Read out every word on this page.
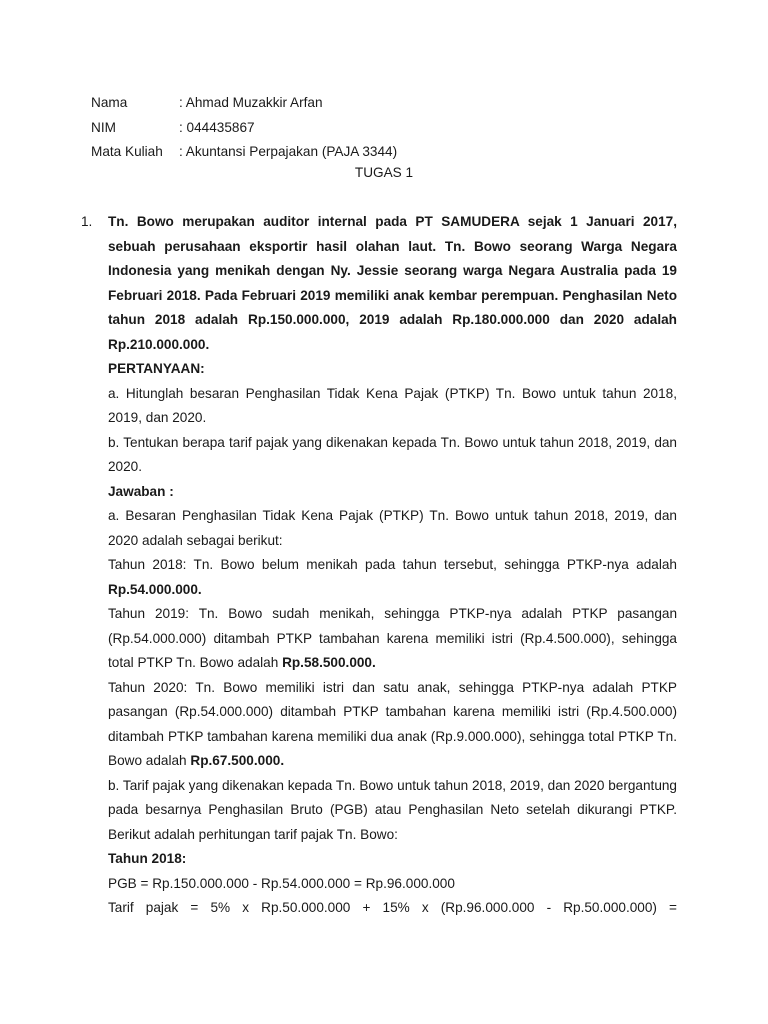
Nama	: Ahmad Muzakkir Arfan
NIM	: 044435867
Mata Kuliah : Akuntansi Perpajakan (PAJA 3344)
TUGAS 1
1. Tn. Bowo merupakan auditor internal pada PT SAMUDERA sejak 1 Januari 2017, sebuah perusahaan eksportir hasil olahan laut. Tn. Bowo seorang Warga Negara Indonesia yang menikah dengan Ny. Jessie seorang warga Negara Australia pada 19 Februari 2018. Pada Februari 2019 memiliki anak kembar perempuan. Penghasilan Neto tahun 2018 adalah Rp.150.000.000, 2019 adalah Rp.180.000.000 dan 2020 adalah Rp.210.000.000.

PERTANYAAN:

a. Hitunglah besaran Penghasilan Tidak Kena Pajak (PTKP) Tn. Bowo untuk tahun 2018, 2019, dan 2020.

b. Tentukan berapa tarif pajak yang dikenakan kepada Tn. Bowo untuk tahun 2018, 2019, dan 2020.

Jawaban :

a. Besaran Penghasilan Tidak Kena Pajak (PTKP) Tn. Bowo untuk tahun 2018, 2019, dan 2020 adalah sebagai berikut:

Tahun 2018: Tn. Bowo belum menikah pada tahun tersebut, sehingga PTKP-nya adalah Rp.54.000.000.

Tahun 2019: Tn. Bowo sudah menikah, sehingga PTKP-nya adalah PTKP pasangan (Rp.54.000.000) ditambah PTKP tambahan karena memiliki istri (Rp.4.500.000), sehingga total PTKP Tn. Bowo adalah Rp.58.500.000.

Tahun 2020: Tn. Bowo memiliki istri dan satu anak, sehingga PTKP-nya adalah PTKP pasangan (Rp.54.000.000) ditambah PTKP tambahan karena memiliki istri (Rp.4.500.000) ditambah PTKP tambahan karena memiliki dua anak (Rp.9.000.000), sehingga total PTKP Tn. Bowo adalah Rp.67.500.000.

b. Tarif pajak yang dikenakan kepada Tn. Bowo untuk tahun 2018, 2019, dan 2020 bergantung pada besarnya Penghasilan Bruto (PGB) atau Penghasilan Neto setelah dikurangi PTKP. Berikut adalah perhitungan tarif pajak Tn. Bowo:

Tahun 2018:

PGB = Rp.150.000.000 - Rp.54.000.000 = Rp.96.000.000

Tarif pajak = 5% x Rp.50.000.000 + 15% x (Rp.96.000.000 - Rp.50.000.000) =
